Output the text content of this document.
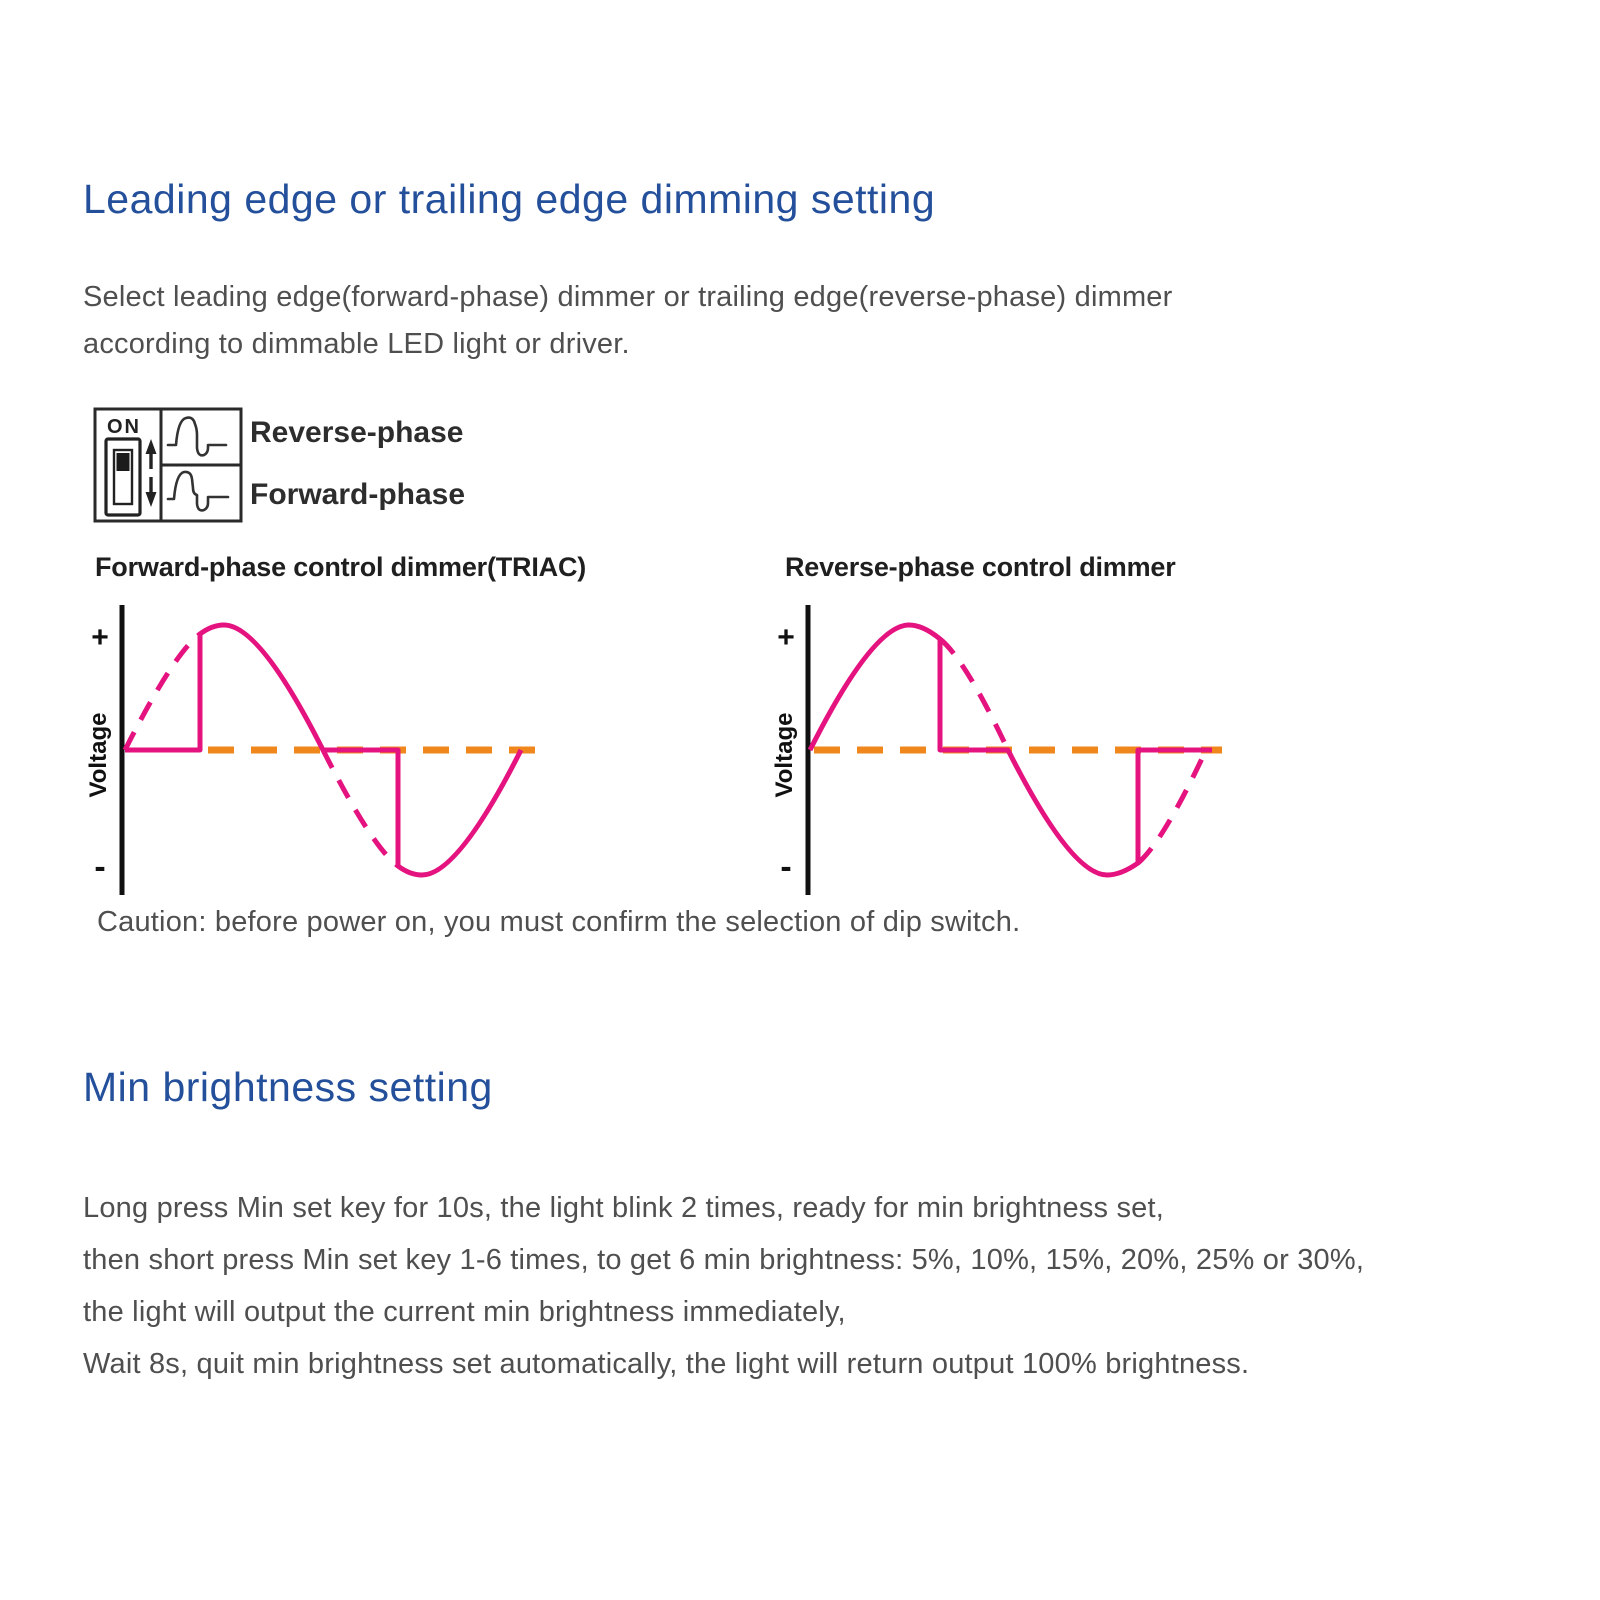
Leading edge or trailing edge dimming setting
Select leading edge(forward-phase) dimmer or trailing edge(reverse-phase) dimmer
according to dimmable LED light or driver.
ON	Reverse-phase
Forward-phase
Forward-phase control dimmer(TRIAC)
+
-
Voltage
Reverse-phase control dimmer
+
-
Voltage
Caution: before power on, you must confirm the selection of dip switch.
Min brightness setting
Long press Min set key for 10s, the light blink 2 times, ready for min brightness set,
then short press Min set key 1-6 times, to get 6 min brightness: 5%, 10%, 15%, 20%, 25% or 30%,
the light will output the current min brightness immediately,
Wait 8s, quit min brightness set automatically, the light will return output 100% brightness.
